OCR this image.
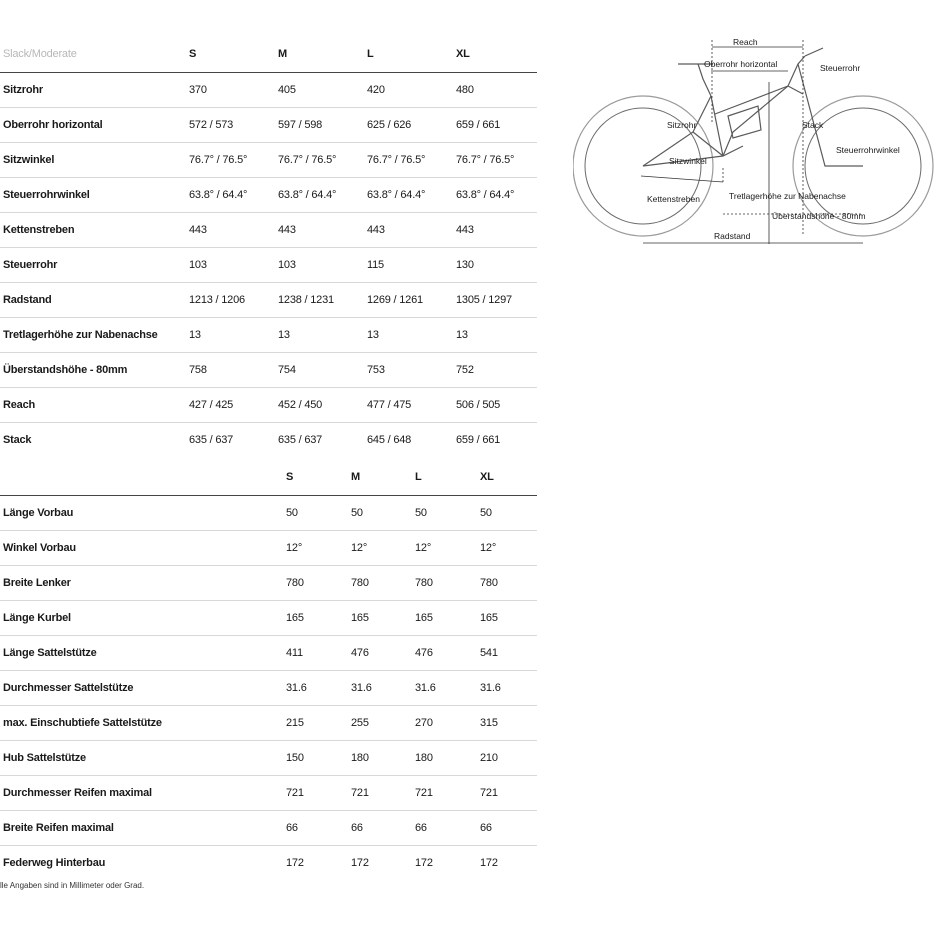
Slack/Moderate	S	M	L	XL
Sitzrohr	370	405	420	480
Oberrohr horizontal	572 / 573	597 / 598	625 / 626	659 / 661
Sitzwinkel	76.7° / 76.5°	76.7° / 76.5°	76.7° / 76.5°	76.7° / 76.5°
Steuerrohrwinkel	63.8° / 64.4°	63.8° / 64.4°	63.8° / 64.4°	63.8° / 64.4°
Kettenstreben	443	443	443	443
Steuerrohr	103	103	115	130
Radstand	1213 / 1206	1238 / 1231	1269 / 1261	1305 / 1297
Tretlagerhöhe zur Nabenachse	13	13	13	13
Überstandshöhe - 80mm	758	754	753	752
Reach	427 / 425	452 / 450	477 / 475	506 / 505
Stack	635 / 637	635 / 637	645 / 648	659 / 661
	S	M	L	XL
Länge Vorbau	50	50	50	50
Winkel Vorbau	12°	12°	12°	12°
Breite Lenker	780	780	780	780
Länge Kurbel	165	165	165	165
Länge Sattelstütze	411	476	476	541
Durchmesser Sattelstütze	31.6	31.6	31.6	31.6
max. Einschubtiefe Sattelstütze	215	255	270	315
Hub Sattelstütze	150	180	180	210
Durchmesser Reifen maximal	721	721	721	721
Breite Reifen maximal	66	66	66	66
Federweg Hinterbau	172	172	172	172
lle Angaben sind in Millimeter oder Grad.
Reach
Oberrohr horizontal	Steuerrohr
Sitzrohr	Stack
Steuerrohrwinkel
Sitzwinkel
Kettenstreben	Tretlagerhöhe zur Nabenachse
Überstandshöhe - 80mm
Radstand
